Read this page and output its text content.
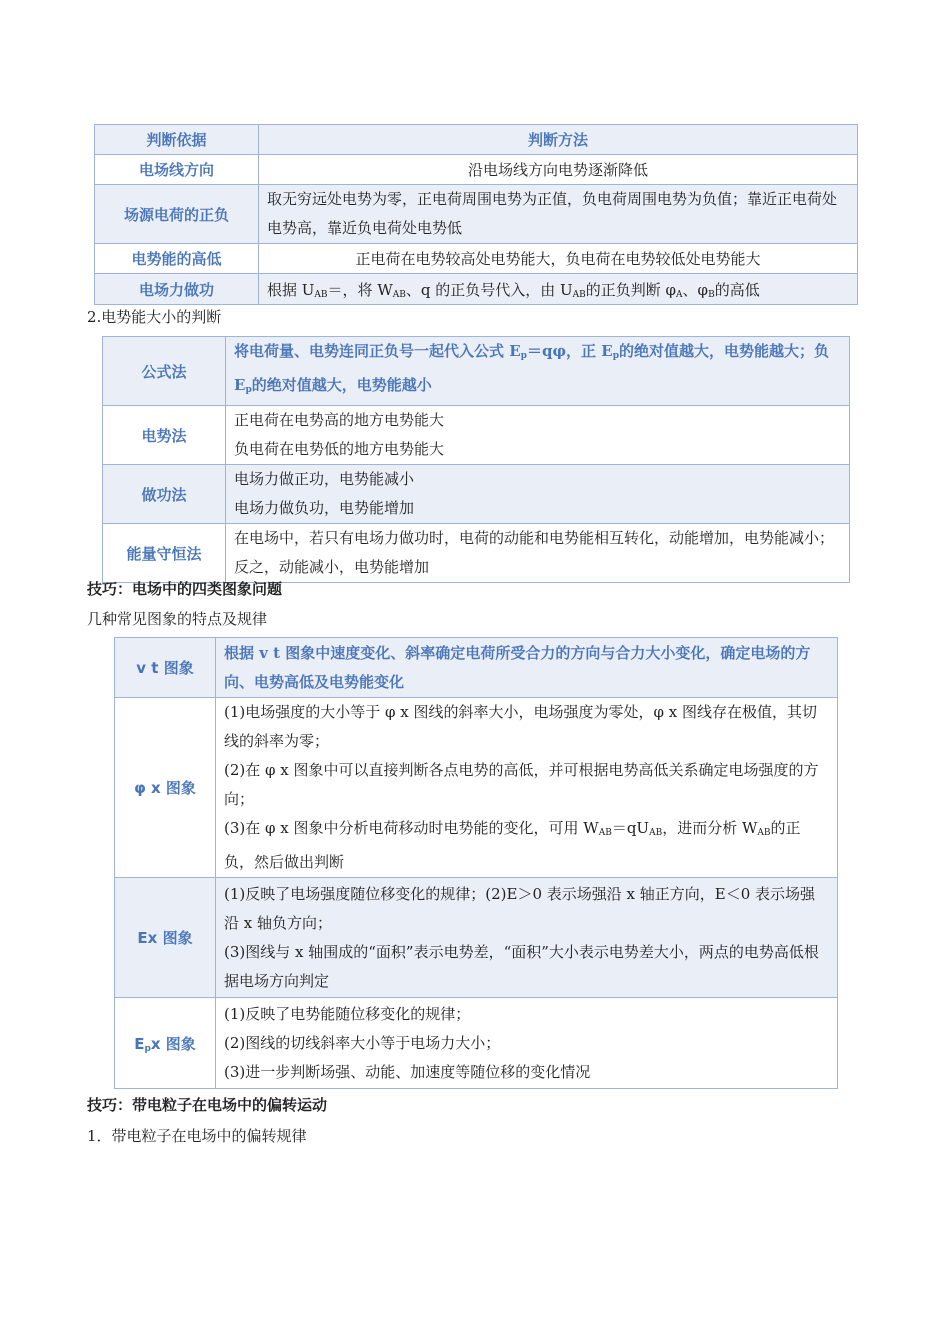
判断依据	判断方法
电场线方向	沿电场线方向电势逐渐降低
场源电荷的正负	取无穷远处电势为零，正电荷周围电势为正值，负电荷周围电势为负值；靠近正电荷处电势高，靠近负电荷处电势低
电势能的高低	正电荷在电势较高处电势能大，负电荷在电势较低处电势能大
电场力做功	根据 $U_{AB}=$，将 $W_{AB}$、q 的正负号代入，由 $U_{AB}$的正负判断 $\varphi_A$、$\varphi_B$的高低
2.电势能大小的判断
公式法	将电荷量、电势连同正负号一起代入公式 $E_p=q\varphi$，正 $E_p$的绝对值越大，电势能越大；负 $E_p$的绝对值越大，电势能越小
电势法	正电荷在电势高的地方电势能大
负电荷在电势低的地方电势能大

做功法	电场力做正功，电势能减小
电场力做负功，电势能增加

能量守恒法	在电场中，若只有电场力做功时，电荷的动能和电势能相互转化，动能增加，电势能减小；反之，动能减小，电势能增加
技巧：电场中的四类图象问题
几种常见图象的特点及规律
v t 图象	根据 v t 图象中速度变化、斜率确定电荷所受合力的方向与合力大小变化，确定电场的方向、电势高低及电势能变化
φ x 图象	(1)电场强度的大小等于 φ x 图线的斜率大小，电场强度为零处，φ x 图线存在极值，其切线的斜率为零；
(2)在 φ x 图象中可以直接判断各点电势的高低，并可根据电势高低关系确定电场强度的方向；
(3)在 φ x 图象中分析电荷移动时电势能的变化，可用 $W_{AB}=qU_{AB}$，进而分析 $W_{AB}$的正负，然后做出判断

Ex 图象	(1)反映了电场强度随位移变化的规律；(2)E＞0 表示场强沿 x 轴正方向，E＜0 表示场强沿 x 轴负方向；
(3)图线与 x 轴围成的“面积”表示电势差，“面积”大小表示电势差大小，两点的电势高低根据电场方向判定

$E_px$ 图象	(1)反映了电势能随位移变化的规律；
(2)图线的切线斜率大小等于电场力大小；
(3)进一步判断场强、动能、加速度等随位移的变化情况
技巧：带电粒子在电场中的偏转运动
1．带电粒子在电场中的偏转规律
